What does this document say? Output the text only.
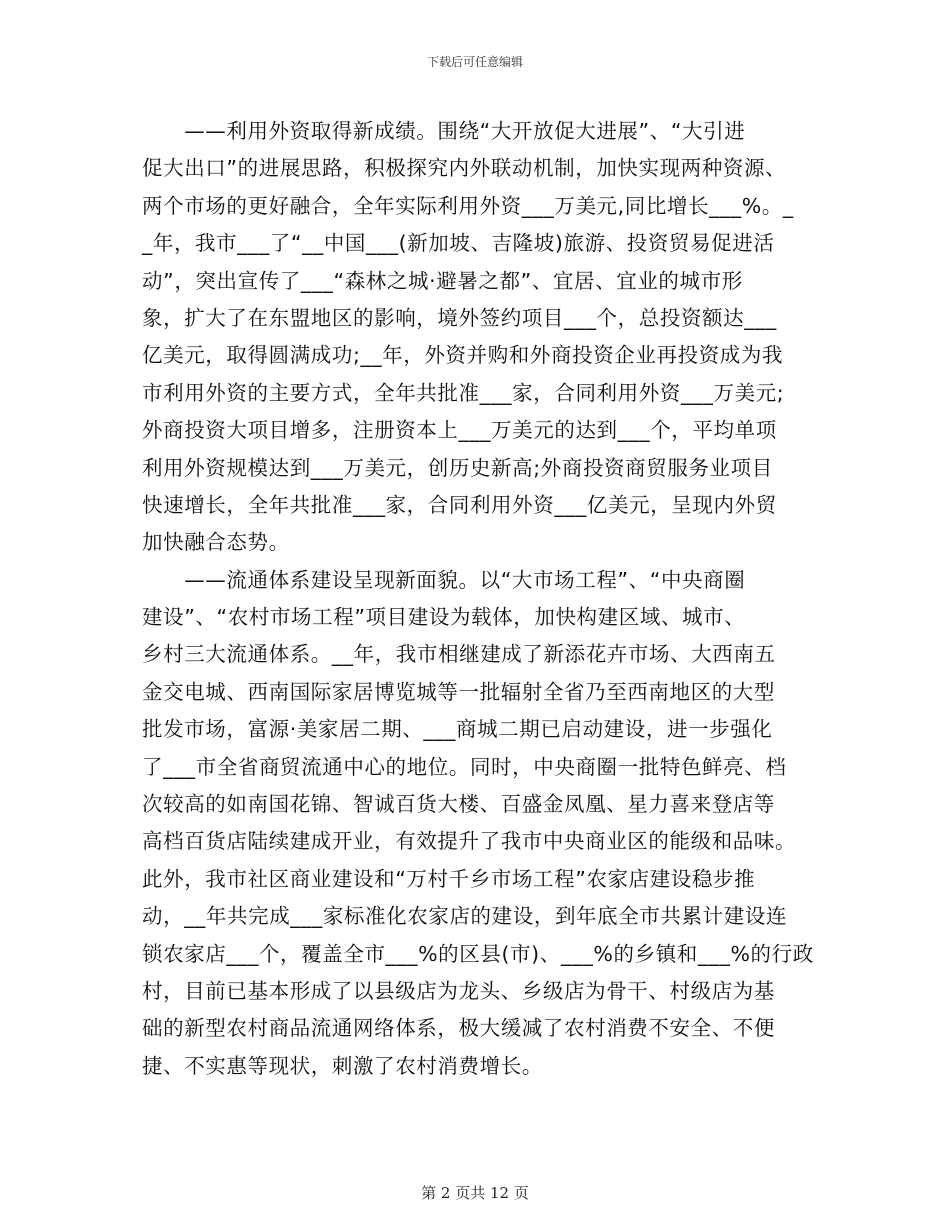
下载后可任意编辑
　　——利用外资取得新成绩。围绕“大开放促大进展”、“大引进
促大出口”的进展思路，积极探究内外联动机制，加快实现两种资源、
两个市场的更好融合，全年实际利用外资___万美元,同比增长___%。_
_年，我市___了“__中国___(新加坡、吉隆坡)旅游、投资贸易促进活
动”，突出宣传了___“森林之城·避暑之都”、宜居、宜业的城市形
象，扩大了在东盟地区的影响，境外签约项目___个，总投资额达___
亿美元，取得圆满成功;__年，外资并购和外商投资企业再投资成为我
市利用外资的主要方式，全年共批准___家，合同利用外资___万美元;
外商投资大项目增多，注册资本上___万美元的达到___个，平均单项
利用外资规模达到___万美元，创历史新高;外商投资商贸服务业项目
快速增长，全年共批准___家，合同利用外资___亿美元，呈现内外贸
加快融合态势。
　　——流通体系建设呈现新面貌。以“大市场工程”、“中央商圈
建设”、“农村市场工程”项目建设为载体，加快构建区域、城市、
乡村三大流通体系。__年，我市相继建成了新添花卉市场、大西南五
金交电城、西南国际家居博览城等一批辐射全省乃至西南地区的大型
批发市场，富源·美家居二期、___商城二期已启动建设，进一步强化
了___市全省商贸流通中心的地位。同时，中央商圈一批特色鲜亮、档
次较高的如南国花锦、智诚百货大楼、百盛金凤凰、星力喜来登店等
高档百货店陆续建成开业，有效提升了我市中央商业区的能级和品味。
此外，我市社区商业建设和“万村千乡市场工程”农家店建设稳步推
动，__年共完成___家标准化农家店的建设，到年底全市共累计建设连
锁农家店___个，覆盖全市___%的区县(市)、___%的乡镇和___%的行政
村，目前已基本形成了以县级店为龙头、乡级店为骨干、村级店为基
础的新型农村商品流通网络体系，极大缓减了农村消费不安全、不便
捷、不实惠等现状，刺激了农村消费增长。
第 2 页共 12 页
